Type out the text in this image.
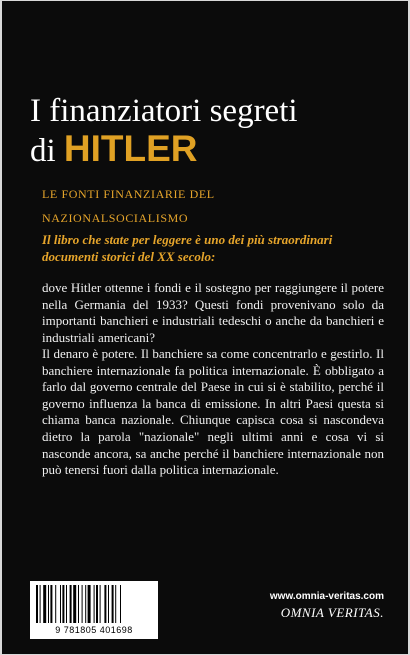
I finanziatori segreti
di HITLER
LE FONTI FINANZIARIE DEL
NAZIONALSOCIALISMO
Il libro che state per leggere è uno dei più straordinari documenti storici del XX secolo:
dove Hitler ottenne i fondi e il sostegno per raggiungere il potere nella Germania del 1933? Questi fondi provenivano solo da importanti banchieri e industriali tedeschi o anche da banchieri e industriali americani?
Il denaro è potere. Il banchiere sa come concentrarlo e gestirlo. Il banchiere internazionale fa politica internazionale. È obbligato a farlo dal governo centrale del Paese in cui si è stabilito, perché il governo influenza la banca di emissione. In altri Paesi questa si chiama banca nazionale. Chiunque capisca cosa si nascondeva dietro la parola "nazionale" negli ultimi anni e cosa vi si nasconde ancora, sa anche perché il banchiere internazionale non può tenersi fuori dalla politica internazionale.
9 781805 401698
www.omnia-veritas.com
OMNIA VERITAS.
